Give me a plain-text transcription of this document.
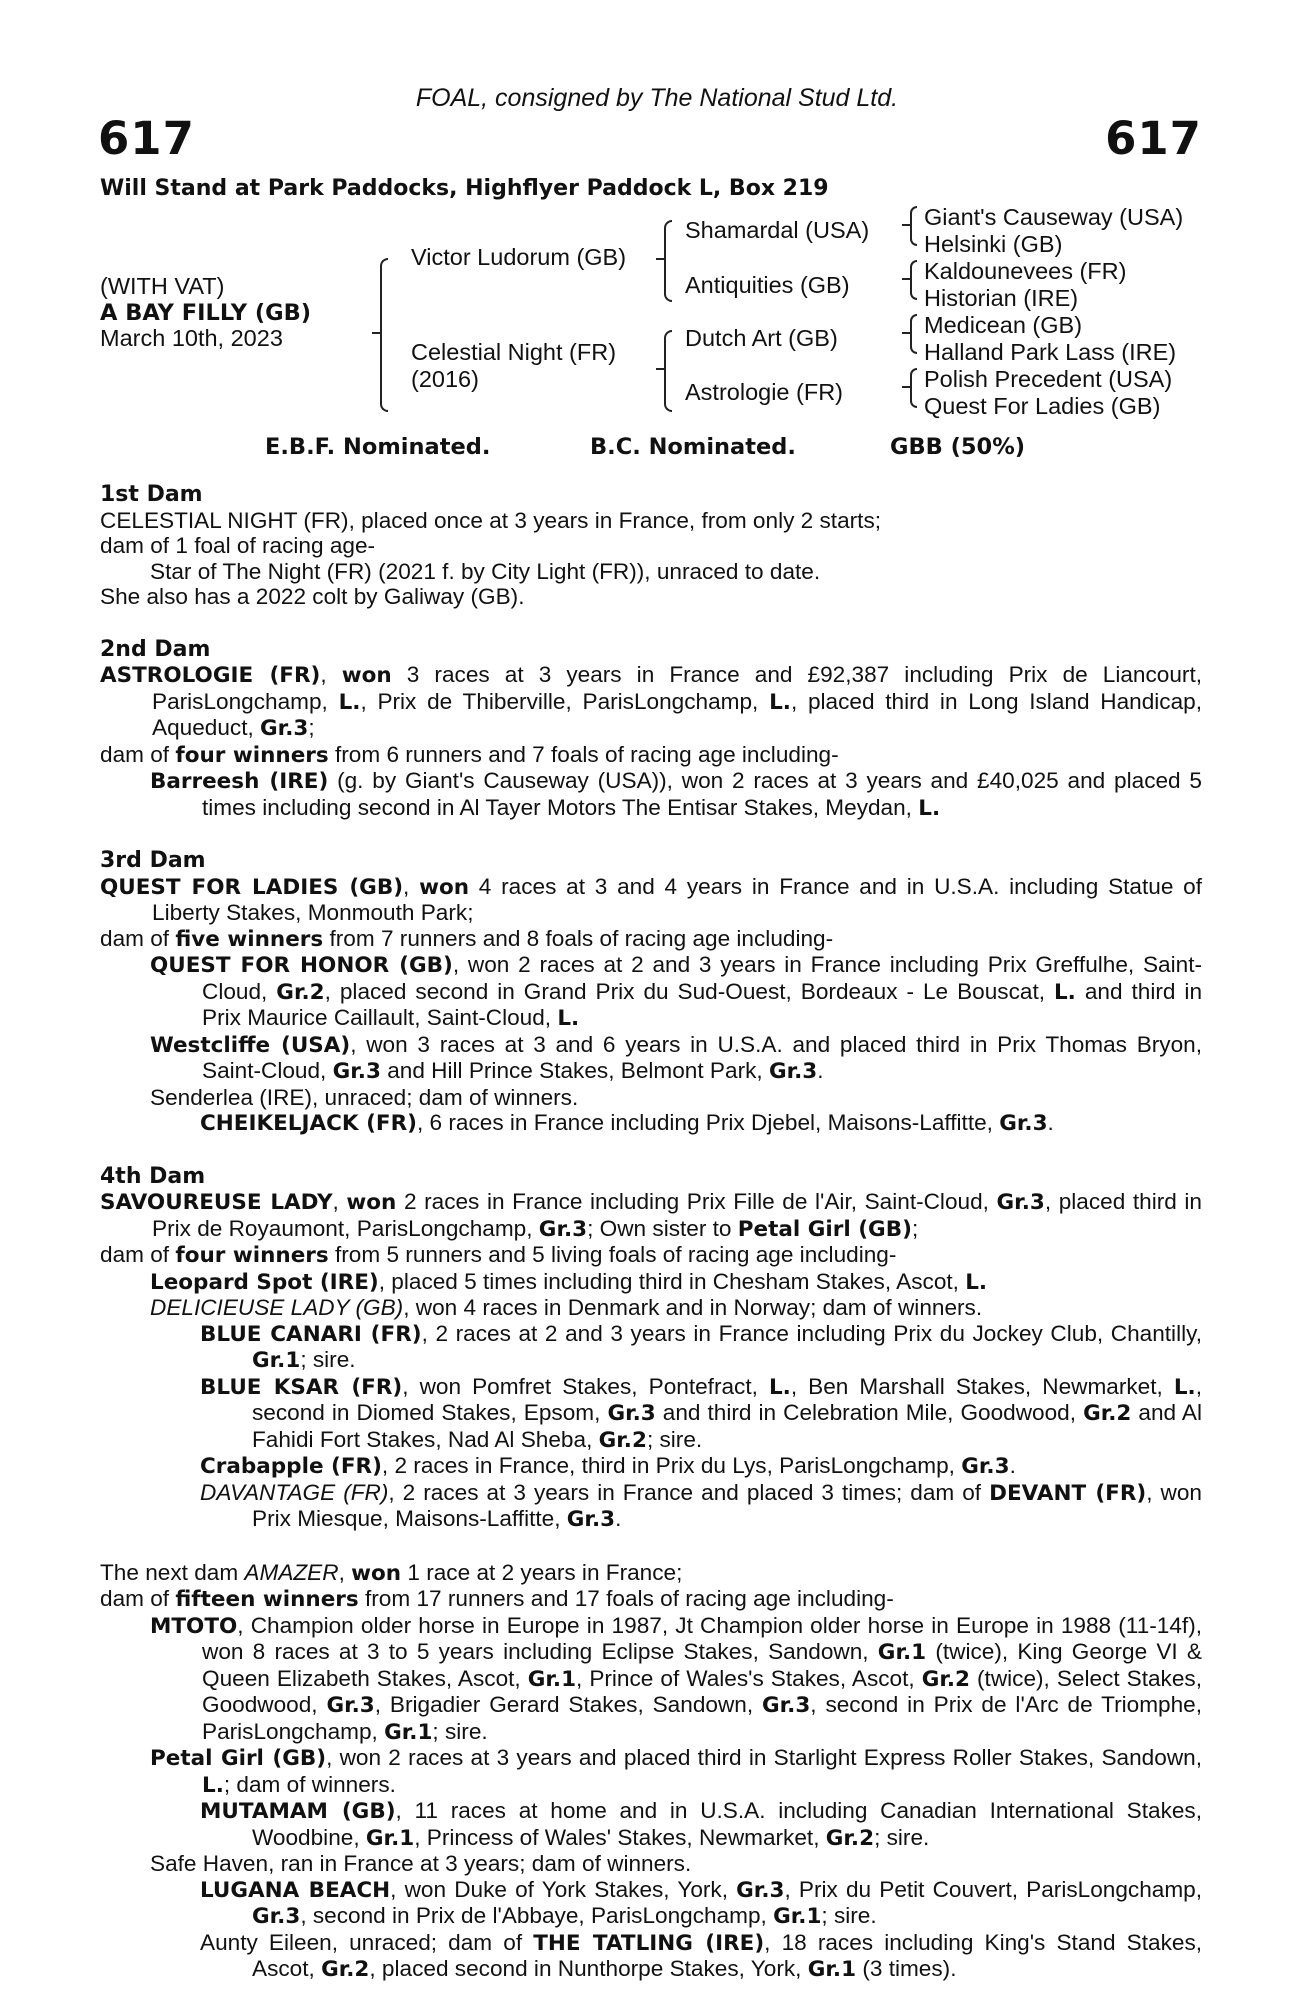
FOAL, consigned by The National Stud Ltd.
617	617
Will Stand at Park Paddocks, Highflyer Paddock L, Box 219
(WITH VAT)
A BAY FILLY (GB)
March 10th, 2023
Victor Ludorum (GB)
Celestial Night (FR)
(2016)
Shamardal (USA)
Antiquities (GB)
Dutch Art (GB)
Astrologie (FR)
Giant's Causeway (USA)
Helsinki (GB)
Kaldounevees (FR)
Historian (IRE)
Medicean (GB)
Halland Park Lass (IRE)
Polish Precedent (USA)
Quest For Ladies (GB)
E.B.F. Nominated.	B.C. Nominated.	GBB (50%)
1st Dam
CELESTIAL NIGHT (FR), placed once at 3 years in France, from only 2 starts;
dam of 1 foal of racing age-
Star of The Night (FR) (2021 f. by City Light (FR)), unraced to date.
She also has a 2022 colt by Galiway (GB).
2nd Dam
ASTROLOGIE (FR), won 3 races at 3 years in France and £92,387 including Prix de Liancourt, ParisLongchamp, L., Prix de Thiberville, ParisLongchamp, L., placed third in Long Island Handicap, Aqueduct, Gr.3;
dam of four winners from 6 runners and 7 foals of racing age including-
Barreesh (IRE) (g. by Giant's Causeway (USA)), won 2 races at 3 years and £40,025 and placed 5 times including second in Al Tayer Motors The Entisar Stakes, Meydan, L.
3rd Dam
QUEST FOR LADIES (GB), won 4 races at 3 and 4 years in France and in U.S.A. including Statue of Liberty Stakes, Monmouth Park;
dam of five winners from 7 runners and 8 foals of racing age including-
QUEST FOR HONOR (GB), won 2 races at 2 and 3 years in France including Prix Greffulhe, Saint-Cloud, Gr.2, placed second in Grand Prix du Sud-Ouest, Bordeaux - Le Bouscat, L. and third in Prix Maurice Caillault, Saint-Cloud, L.
Westcliffe (USA), won 3 races at 3 and 6 years in U.S.A. and placed third in Prix Thomas Bryon, Saint-Cloud, Gr.3 and Hill Prince Stakes, Belmont Park, Gr.3.
Senderlea (IRE), unraced; dam of winners.
CHEIKELJACK (FR), 6 races in France including Prix Djebel, Maisons-Laffitte, Gr.3.
4th Dam
SAVOUREUSE LADY, won 2 races in France including Prix Fille de l'Air, Saint-Cloud, Gr.3, placed third in Prix de Royaumont, ParisLongchamp, Gr.3; Own sister to Petal Girl (GB);
dam of four winners from 5 runners and 5 living foals of racing age including-
Leopard Spot (IRE), placed 5 times including third in Chesham Stakes, Ascot, L.
DELICIEUSE LADY (GB), won 4 races in Denmark and in Norway; dam of winners.
BLUE CANARI (FR), 2 races at 2 and 3 years in France including Prix du Jockey Club, Chantilly, Gr.1; sire.
BLUE KSAR (FR), won Pomfret Stakes, Pontefract, L., Ben Marshall Stakes, Newmarket, L., second in Diomed Stakes, Epsom, Gr.3 and third in Celebration Mile, Goodwood, Gr.2 and Al Fahidi Fort Stakes, Nad Al Sheba, Gr.2; sire.
Crabapple (FR), 2 races in France, third in Prix du Lys, ParisLongchamp, Gr.3.
DAVANTAGE (FR), 2 races at 3 years in France and placed 3 times; dam of DEVANT (FR), won Prix Miesque, Maisons-Laffitte, Gr.3.
The next dam AMAZER, won 1 race at 2 years in France;
dam of fifteen winners from 17 runners and 17 foals of racing age including-
MTOTO, Champion older horse in Europe in 1987, Jt Champion older horse in Europe in 1988 (11-14f), won 8 races at 3 to 5 years including Eclipse Stakes, Sandown, Gr.1 (twice), King George VI & Queen Elizabeth Stakes, Ascot, Gr.1, Prince of Wales's Stakes, Ascot, Gr.2 (twice), Select Stakes, Goodwood, Gr.3, Brigadier Gerard Stakes, Sandown, Gr.3, second in Prix de l'Arc de Triomphe, ParisLongchamp, Gr.1; sire.
Petal Girl (GB), won 2 races at 3 years and placed third in Starlight Express Roller Stakes, Sandown, L.; dam of winners.
MUTAMAM (GB), 11 races at home and in U.S.A. including Canadian International Stakes, Woodbine, Gr.1, Princess of Wales' Stakes, Newmarket, Gr.2; sire.
Safe Haven, ran in France at 3 years; dam of winners.
LUGANA BEACH, won Duke of York Stakes, York, Gr.3, Prix du Petit Couvert, ParisLongchamp, Gr.3, second in Prix de l'Abbaye, ParisLongchamp, Gr.1; sire.
Aunty Eileen, unraced; dam of THE TATLING (IRE), 18 races including King's Stand Stakes, Ascot, Gr.2, placed second in Nunthorpe Stakes, York, Gr.1 (3 times).
